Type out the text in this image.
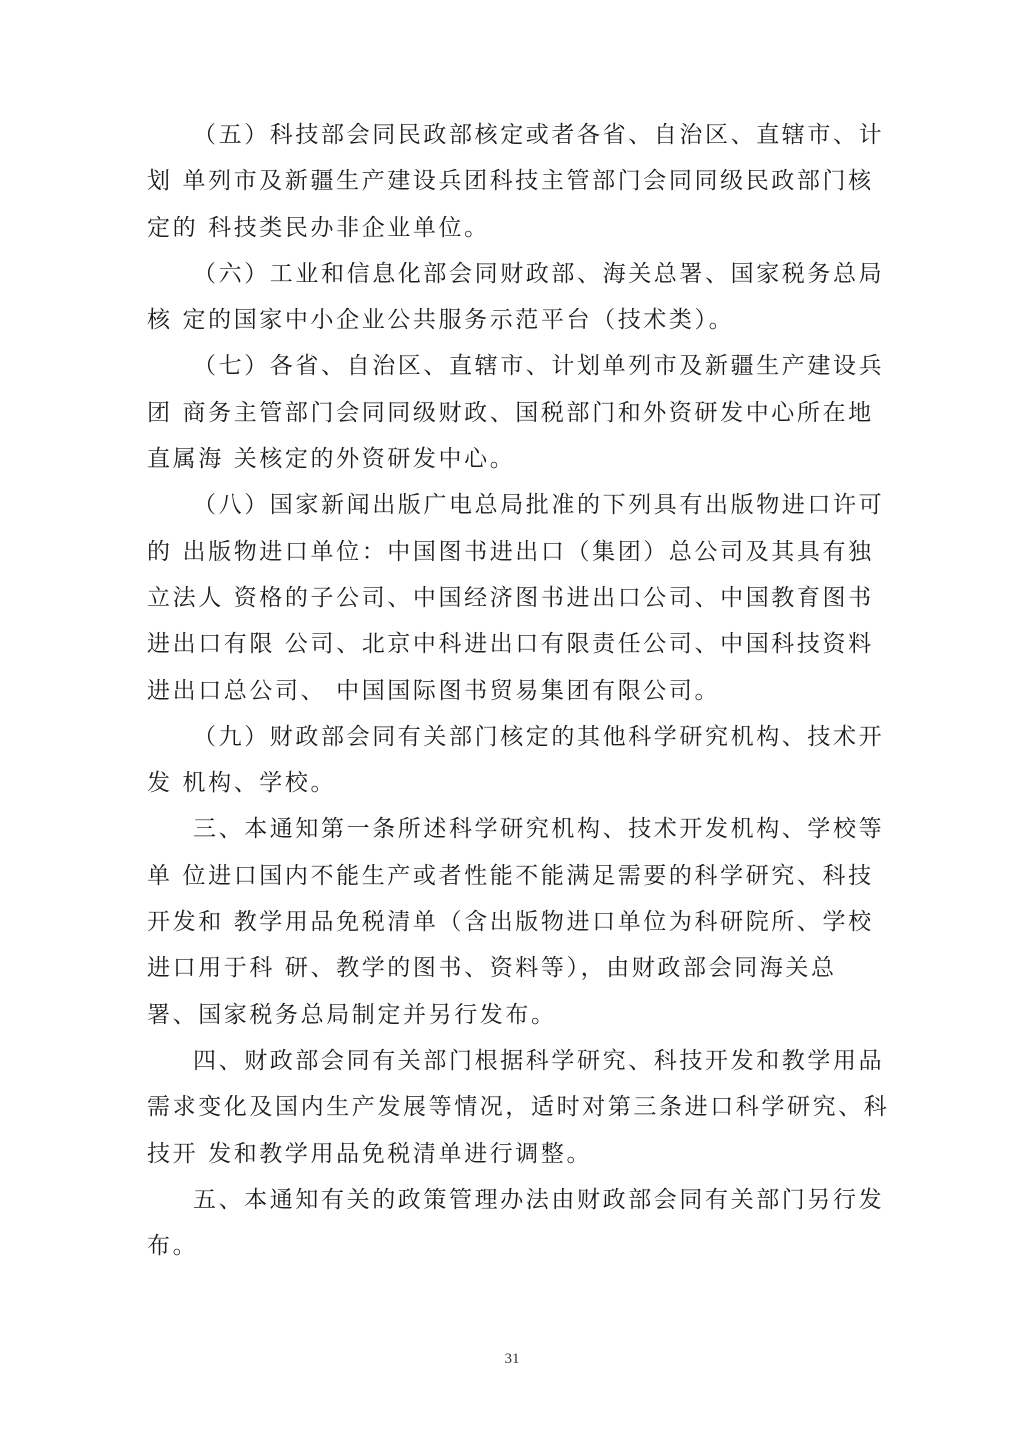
（五）科技部会同民政部核定或者各省、自治区、直辖市、计
划 单列市及新疆生产建设兵团科技主管部门会同同级民政部门核
定的 科技类民办非企业单位。
（六）工业和信息化部会同财政部、海关总署、国家税务总局
核 定的国家中小企业公共服务示范平台（技术类）。
（七）各省、自治区、直辖市、计划单列市及新疆生产建设兵
团 商务主管部门会同同级财政、国税部门和外资研发中心所在地
直属海 关核定的外资研发中心。
（八）国家新闻出版广电总局批准的下列具有出版物进口许可
的 出版物进口单位：中国图书进出口（集团）总公司及其具有独
立法人 资格的子公司、中国经济图书进出口公司、中国教育图书
进出口有限 公司、北京中科进出口有限责任公司、中国科技资料
进出口总公司、 中国国际图书贸易集团有限公司。
（九）财政部会同有关部门核定的其他科学研究机构、技术开
发 机构、学校。
三、本通知第一条所述科学研究机构、技术开发机构、学校等
单 位进口国内不能生产或者性能不能满足需要的科学研究、科技
开发和 教学用品免税清单（含出版物进口单位为科研院所、学校
进口用于科 研、教学的图书、资料等），由财政部会同海关总
署、国家税务总局制定并另行发布。
四、财政部会同有关部门根据科学研究、科技开发和教学用品
需求变化及国内生产发展等情况，适时对第三条进口科学研究、科
技开 发和教学用品免税清单进行调整。
五、本通知有关的政策管理办法由财政部会同有关部门另行发
布。
31
